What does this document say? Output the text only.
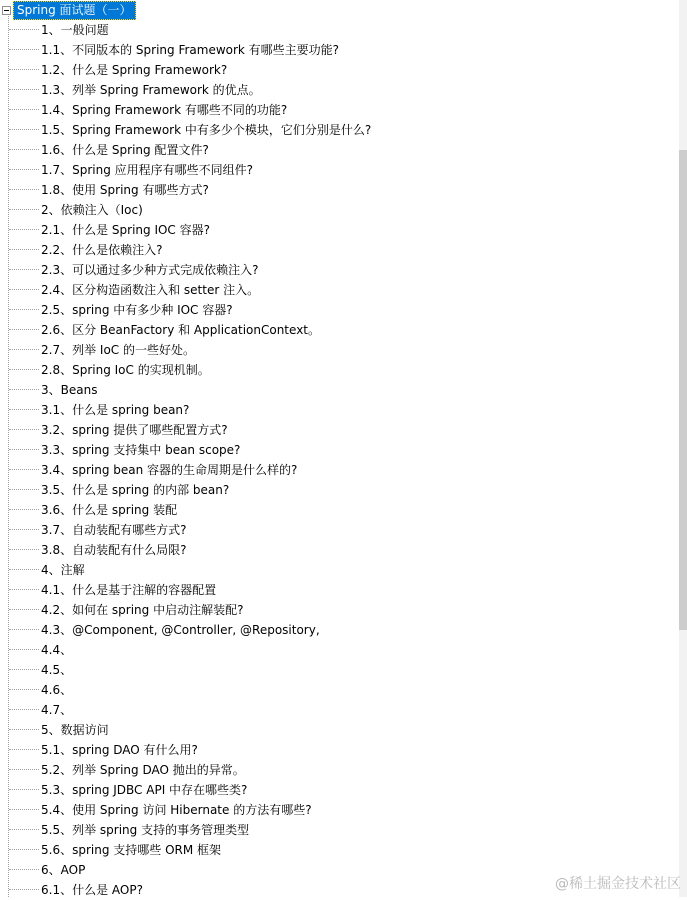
Spring 面试题（一）
1、一般问题
1.1、不同版本的 Spring Framework 有哪些主要功能?
1.2、什么是 Spring Framework?
1.3、列举 Spring Framework 的优点。
1.4、Spring Framework 有哪些不同的功能?
1.5、Spring Framework 中有多少个模块，它们分别是什么?
1.6、什么是 Spring 配置文件?
1.7、Spring 应用程序有哪些不同组件?
1.8、使用 Spring 有哪些方式?
2、依赖注入（Ioc)
2.1、什么是 Spring IOC 容器?
2.2、什么是依赖注入?
2.3、可以通过多少种方式完成依赖注入?
2.4、区分构造函数注入和 setter 注入。
2.5、spring 中有多少种 IOC 容器?
2.6、区分 BeanFactory 和 ApplicationContext。
2.7、列举 IoC 的一些好处。
2.8、Spring IoC 的实现机制。
3、Beans
3.1、什么是 spring bean?
3.2、spring 提供了哪些配置方式?
3.3、spring 支持集中 bean scope?
3.4、spring bean 容器的生命周期是什么样的?
3.5、什么是 spring 的内部 bean?
3.6、什么是 spring 装配
3.7、自动装配有哪些方式?
3.8、自动装配有什么局限?
4、注解
4.1、什么是基于注解的容器配置
4.2、如何在 spring 中启动注解装配?
4.3、@Component, @Controller, @Repository,
4.4、
4.5、
4.6、
4.7、
5、数据访问
5.1、spring DAO 有什么用?
5.2、列举 Spring DAO 抛出的异常。
5.3、spring JDBC API 中存在哪些类?
5.4、使用 Spring 访问 Hibernate 的方法有哪些?
5.5、列举 spring 支持的事务管理类型
5.6、spring 支持哪些 ORM 框架
6、AOP
6.1、什么是 AOP?	@稀土掘金技术社区
